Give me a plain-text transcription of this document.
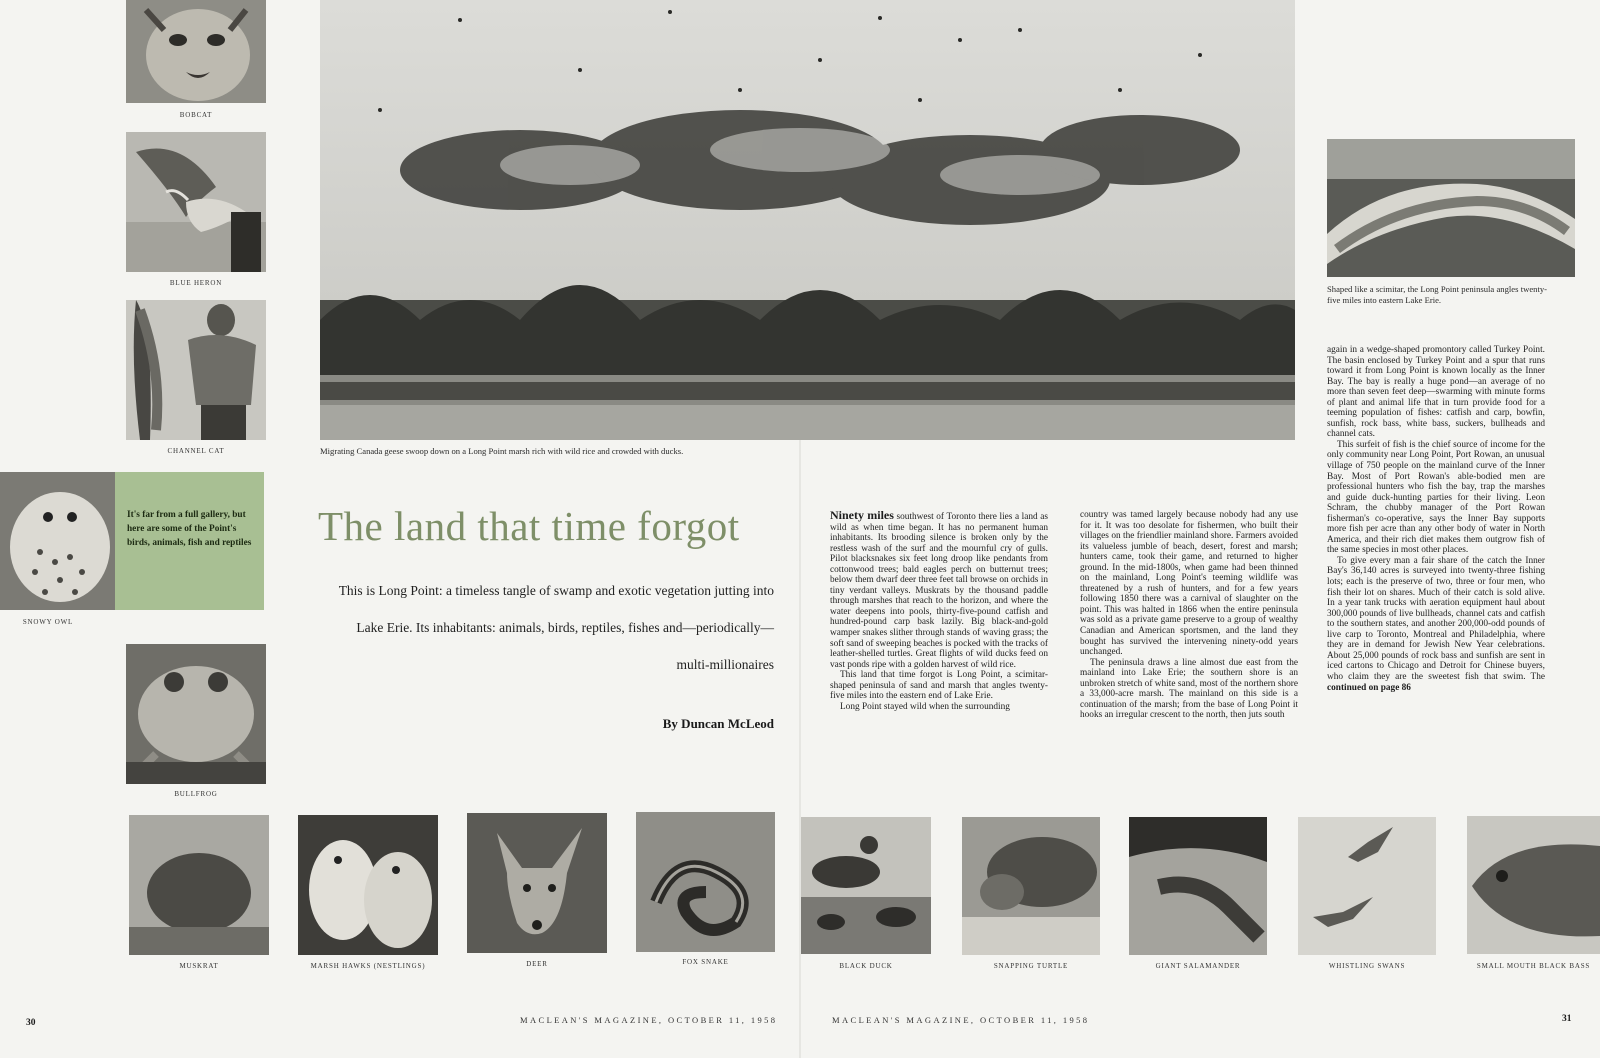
BOBCAT
BLUE HERON
CHANNEL CAT
It's far from a full gallery, but here are some of the Point's birds, animals, fish and reptiles
SNOWY OWL
BULLFROG
Migrating Canada geese swoop down on a Long Point marsh rich with wild rice and crowded with ducks.
Shaped like a scimitar, the Long Point peninsula angles twenty-five miles into eastern Lake Erie.
The land that time forgot
This is Long Point: a timeless tangle of swamp and exotic vegetation jutting into Lake Erie. Its inhabitants: animals, birds, reptiles, fishes and—periodically—multi-millionaires
By Duncan McLeod

Ninety miles southwest of Toronto there lies a land as wild as when time began. It has no permanent human inhabitants. Its brooding silence is broken only by the restless wash of the surf and the mournful cry of gulls. Pilot blacksnakes six feet long droop like pendants from cottonwood trees; bald eagles perch on butternut trees; below them dwarf deer three feet tall browse on orchids in tiny verdant valleys. Muskrats by the thousand paddle through marshes that reach to the horizon, and where the water deepens into pools, thirty-five-pound catfish and hundred-pound carp bask lazily. Big black-and-gold wamper snakes slither through stands of waving grass; the soft sand of sweeping beaches is pocked with the tracks of leather-shelled turtles. Great flights of wild ducks feed on vast ponds ripe with a golden harvest of wild rice.

This land that time forgot is Long Point, a scimitar-shaped peninsula of sand and marsh that angles twenty-five miles into the eastern end of Lake Erie.

Long Point stayed wild when the surrounding

country was tamed largely because nobody had any use for it. It was too desolate for fishermen, who built their villages on the friendlier mainland shore. Farmers avoided its valueless jumble of beach, desert, forest and marsh; hunters came, took their game, and returned to higher ground. In the mid-1800s, when game had been thinned on the mainland, Long Point's teeming wildlife was threatened by a rush of hunters, and for a few years following 1850 there was a carnival of slaughter on the point. This was halted in 1866 when the entire peninsula was sold as a private game preserve to a group of wealthy Canadian and American sportsmen, and the land they bought has survived the intervening ninety-odd years unchanged.

The peninsula draws a line almost due east from the mainland into Lake Erie; the southern shore is an unbroken stretch of white sand, most of the northern shore a 33,000-acre marsh. The mainland on this side is a continuation of the marsh; from the base of Long Point it hooks an irregular crescent to the north, then juts south

again in a wedge-shaped promontory called Turkey Point. The basin enclosed by Turkey Point and a spur that runs toward it from Long Point is known locally as the Inner Bay. The bay is really a huge pond—an average of no more than seven feet deep—swarming with minute forms of plant and animal life that in turn provide food for a teeming population of fishes: catfish and carp, bowfin, sunfish, rock bass, white bass, suckers, bullheads and channel cats.

This surfeit of fish is the chief source of income for the only community near Long Point, Port Rowan, an unusual village of 750 people on the mainland curve of the Inner Bay. Most of Port Rowan's able-bodied men are professional hunters who fish the bay, trap the marshes and guide duck-hunting parties for their living. Leon Schram, the chubby manager of the Port Rowan fisherman's co-operative, says the Inner Bay supports more fish per acre than any other body of water in North America, and their rich diet makes them outgrow fish of the same species in most other places.

To give every man a fair share of the catch the Inner Bay's 36,140 acres is surveyed into twenty-three fishing lots; each is the preserve of two, three or four men, who fish their lot on shares. Much of their catch is sold alive. In a year tank trucks with aeration equipment haul about 300,000 pounds of live bullheads, channel cats and catfish to the southern states, and another 200,000-odd pounds of live carp to Toronto, Montreal and Philadelphia, where they are in demand for Jewish New Year celebrations. About 25,000 pounds of rock bass and sunfish are sent in iced cartons to Chicago and Detroit for Chinese buyers, who claim they are the sweetest fish that swim. The continued on page 86

MUSKRAT	MARSH HAWKS (NESTLINGS)	DEER	FOX SNAKE	BLACK DUCK	SNAPPING TURTLE	GIANT SALAMANDER	WHISTLING SWANS	SMALL MOUTH BLACK BASS
30	MACLEAN'S MAGAZINE, OCTOBER 11, 1958	MACLEAN'S MAGAZINE, OCTOBER 11, 1958	31
